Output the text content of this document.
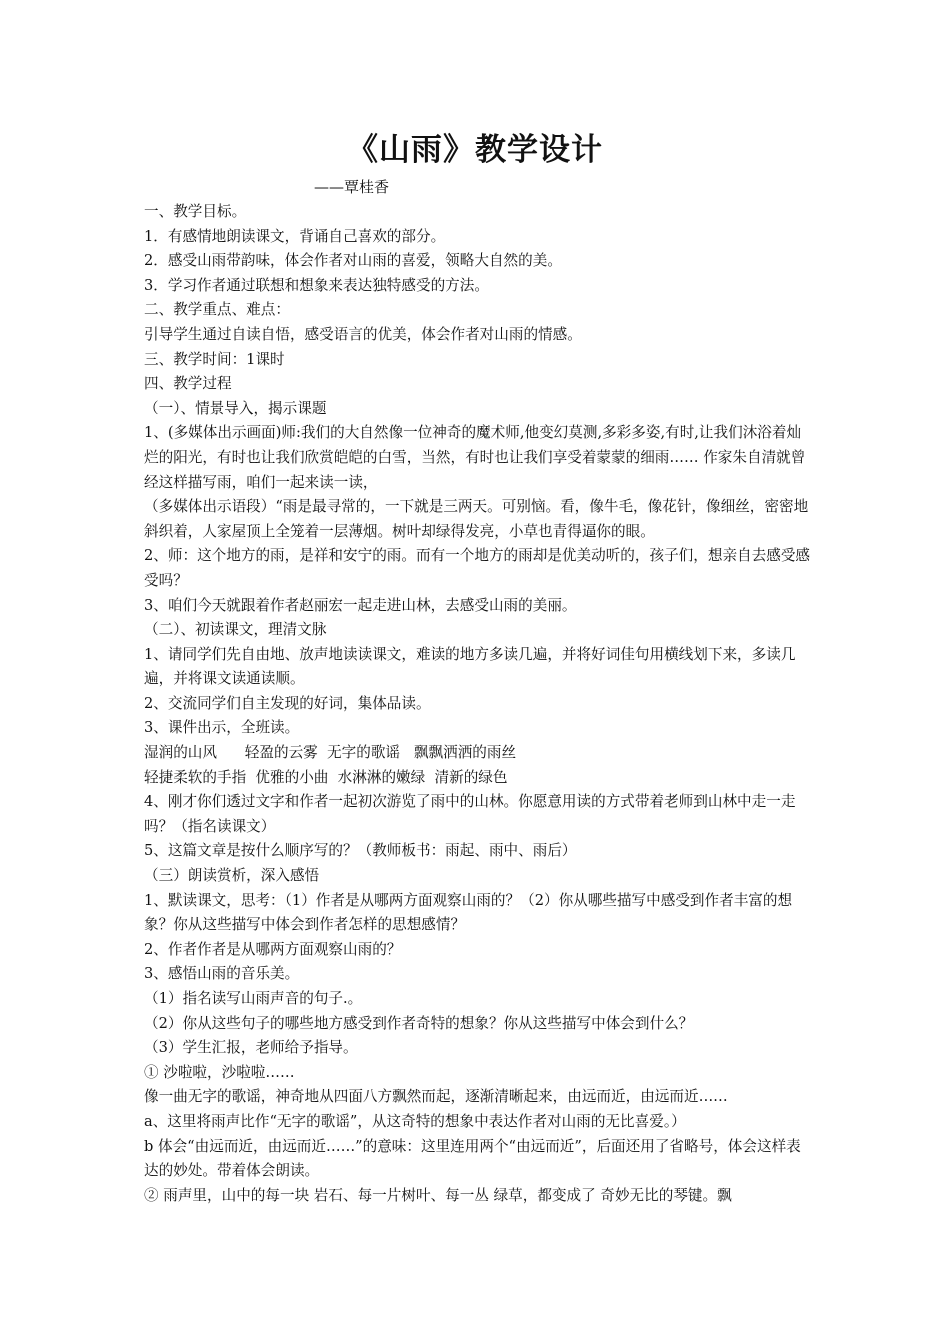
《山雨》教学设计
——覃桂香

一、教学目标。

1．有感情地朗读课文，背诵自己喜欢的部分。

2．感受山雨带韵味，体会作者对山雨的喜爱，领略大自然的美。

3．学习作者通过联想和想象来表达独特感受的方法。

二、教学重点、难点：

引导学生通过自读自悟，感受语言的优美，体会作者对山雨的情感。

三、教学时间：1课时

四、教学过程

（一）、情景导入，揭示课题

1、(多媒体出示画面)师:我们的大自然像一位神奇的魔术师,他变幻莫测,多彩多姿,有时,让我们沐浴着灿烂的阳光，有时也让我们欣赏皑皑的白雪，当然，有时也让我们享受着蒙蒙的细雨…… 作家朱自清就曾经这样描写雨，咱们一起来读一读，

（多媒体出示语段）“雨是最寻常的，一下就是三两天。可别恼。看，像牛毛，像花针，像细丝，密密地斜织着，人家屋顶上全笼着一层薄烟。树叶却绿得发亮，小草也青得逼你的眼。

2、师：这个地方的雨，是祥和安宁的雨。而有一个地方的雨却是优美动听的，孩子们，想亲自去感受感受吗？

3、咱们今天就跟着作者赵丽宏一起走进山林，去感受山雨的美丽。

（二）、初读课文，理清文脉

1、请同学们先自由地、放声地读读课文，难读的地方多读几遍，并将好词佳句用横线划下来，多读几遍，并将课文读通读顺。

2、交流同学们自主发现的好词，集体品读。

3、课件出示，全班读。

湿润的山风      轻盈的云雾  无字的歌谣   飘飘洒洒的雨丝

轻捷柔软的手指  优雅的小曲  水淋淋的嫩绿  清新的绿色

4、刚才你们透过文字和作者一起初次游览了雨中的山林。你愿意用读的方式带着老师到山林中走一走吗？（指名读课文）

5、这篇文章是按什么顺序写的？（教师板书：雨起、雨中、雨后）

（三）朗读赏析，深入感悟

1、默读课文，思考：（1）作者是从哪两方面观察山雨的？（2）你从哪些描写中感受到作者丰富的想象？你从这些描写中体会到作者怎样的思想感情？

2、作者作者是从哪两方面观察山雨的？

3、感悟山雨的音乐美。

（1）指名读写山雨声音的句子.。

（2）你从这些句子的哪些地方感受到作者奇特的想象？你从这些描写中体会到什么？

（3）学生汇报，老师给予指导。

① 沙啦啦，沙啦啦……

像一曲无字的歌谣，神奇地从四面八方飘然而起，逐渐清晰起来，由远而近，由远而近……

a、这里将雨声比作“无字的歌谣”，从这奇特的想象中表达作者对山雨的无比喜爱。）

b 体会“由远而近，由远而近……”的意味：这里连用两个“由远而近”，后面还用了省略号，体会这样表达的妙处。带着体会朗读。

② 雨声里，山中的每一块 岩石、每一片树叶、每一丛 绿草，都变成了 奇妙无比的琴键。飘
